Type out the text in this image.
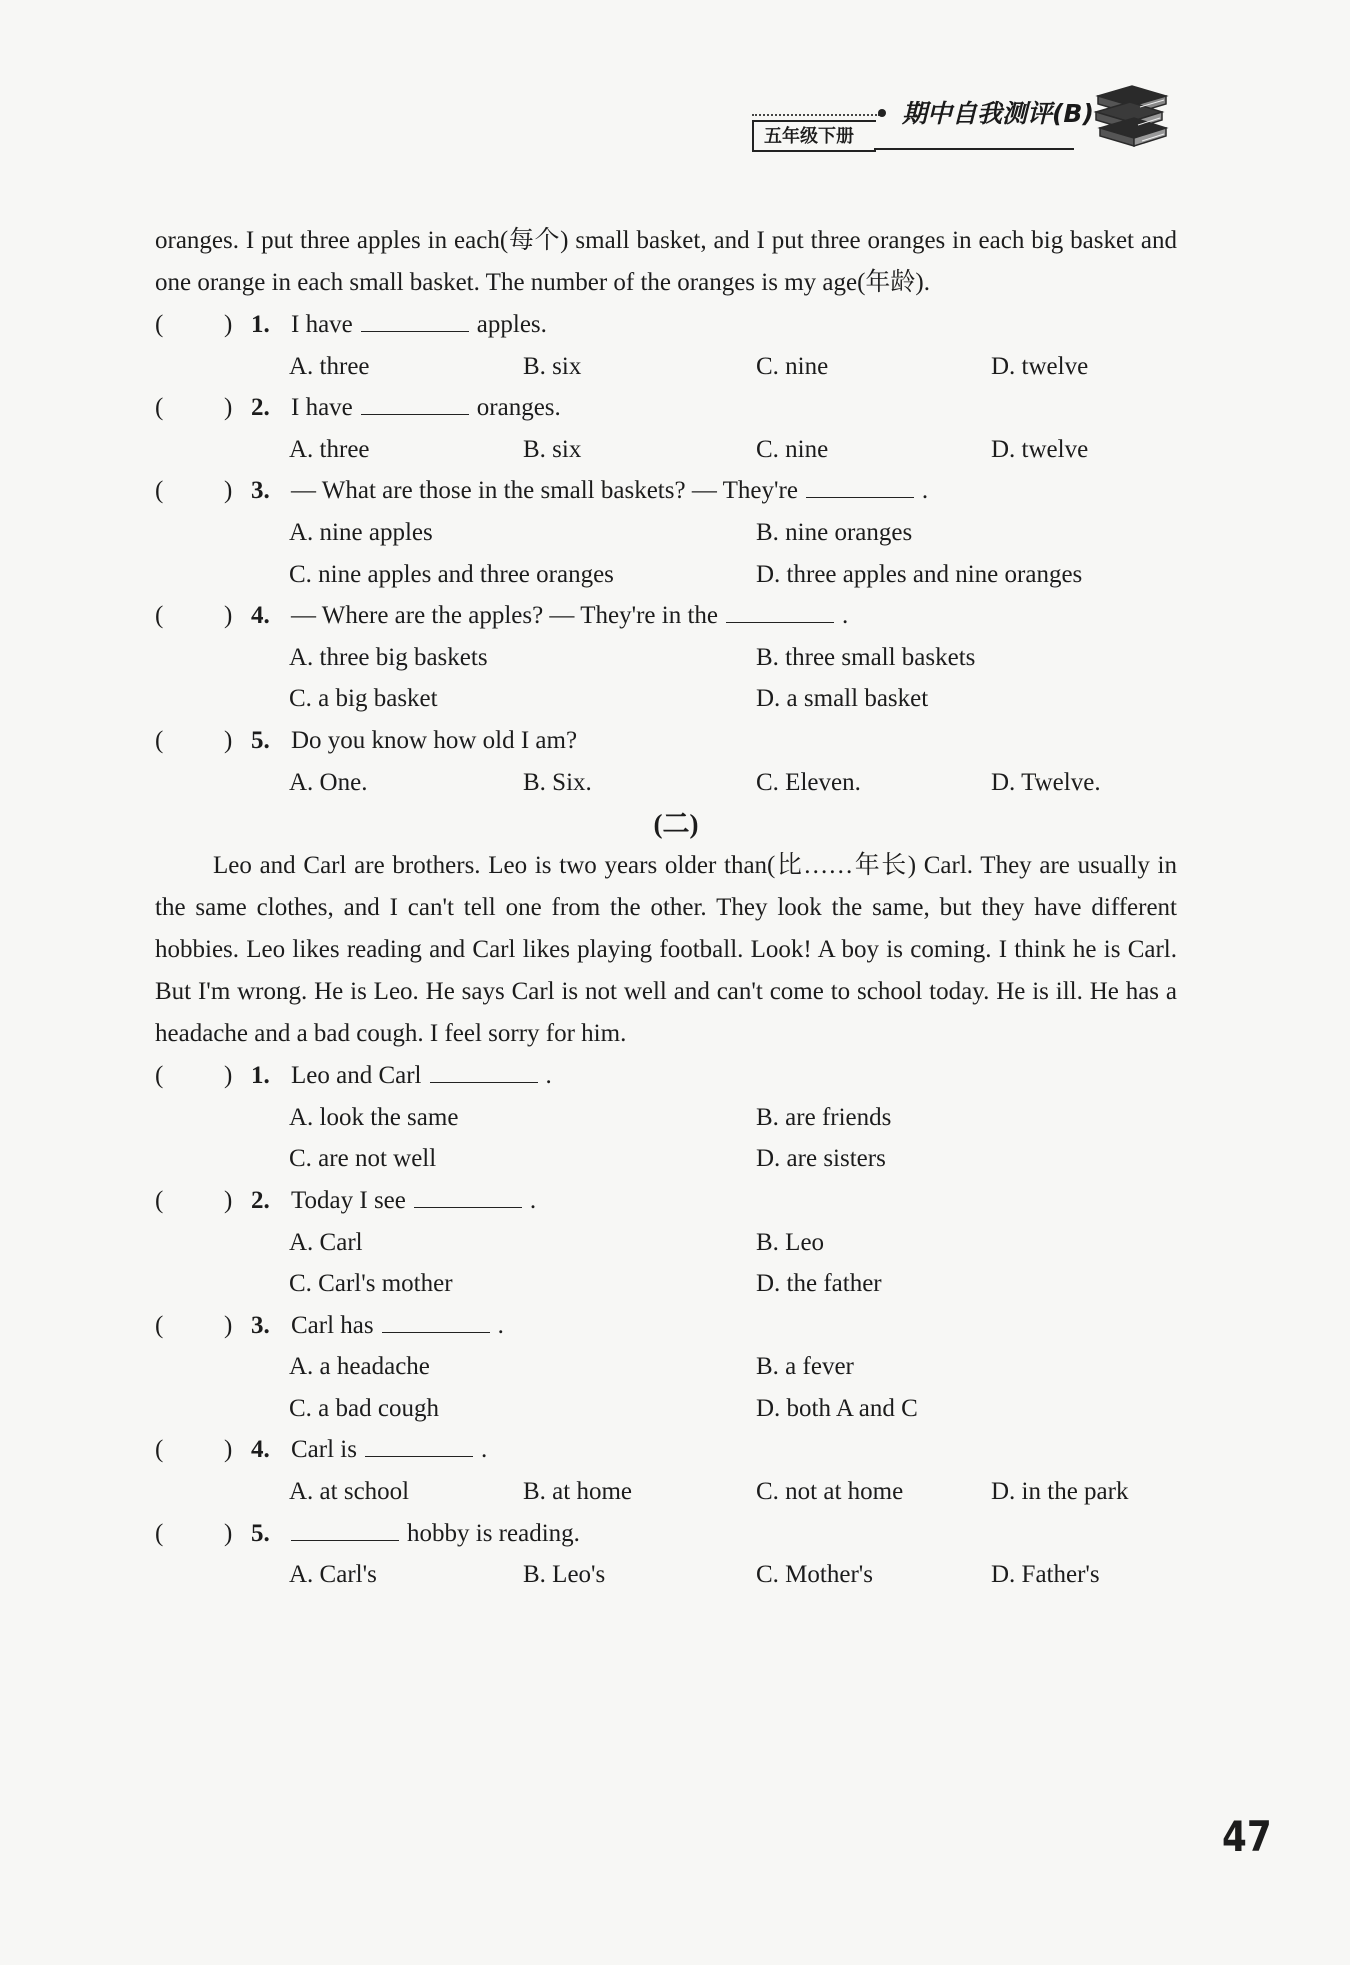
期中自我测评(B)
五年级下册
oranges. I put three apples in each(每个) small basket, and I put three oranges in each big basket and one orange in each small basket. The number of the oranges is my age(年龄).
( ) 1. I have	apples.
A. three	B. six	C. nine	D. twelve
( ) 2. I have	oranges.
A. three	B. six	C. nine	D. twelve
( ) 3. — What are those in the small baskets? — They're	.
A. nine apples	B. nine oranges
C. nine apples and three oranges	D. three apples and nine oranges
( ) 4. — Where are the apples? — They're in the	.
A. three big baskets	B. three small baskets
C. a big basket	D. a small basket
( ) 5. Do you know how old I am?
A. One.	B. Six.	C. Eleven.	D. Twelve.
(二)
Leo and Carl are brothers. Leo is two years older than(比……年长) Carl. They are usually in the same clothes, and I can't tell one from the other. They look the same, but they have different hobbies. Leo likes reading and Carl likes playing football. Look! A boy is coming. I think he is Carl. But I'm wrong. He is Leo. He says Carl is not well and can't come to school today. He is ill. He has a headache and a bad cough. I feel sorry for him.
( ) 1. Leo and Carl	.
A. look the same	B. are friends
C. are not well	D. are sisters
( ) 2. Today I see	.
A. Carl	B. Leo
C. Carl's mother	D. the father
( ) 3. Carl has	.
A. a headache	B. a fever
C. a bad cough	D. both A and C
( ) 4. Carl is	.
A. at school	B. at home	C. not at home	D. in the park
( ) 5.	hobby is reading.
A. Carl's	B. Leo's	C. Mother's	D. Father's
47
